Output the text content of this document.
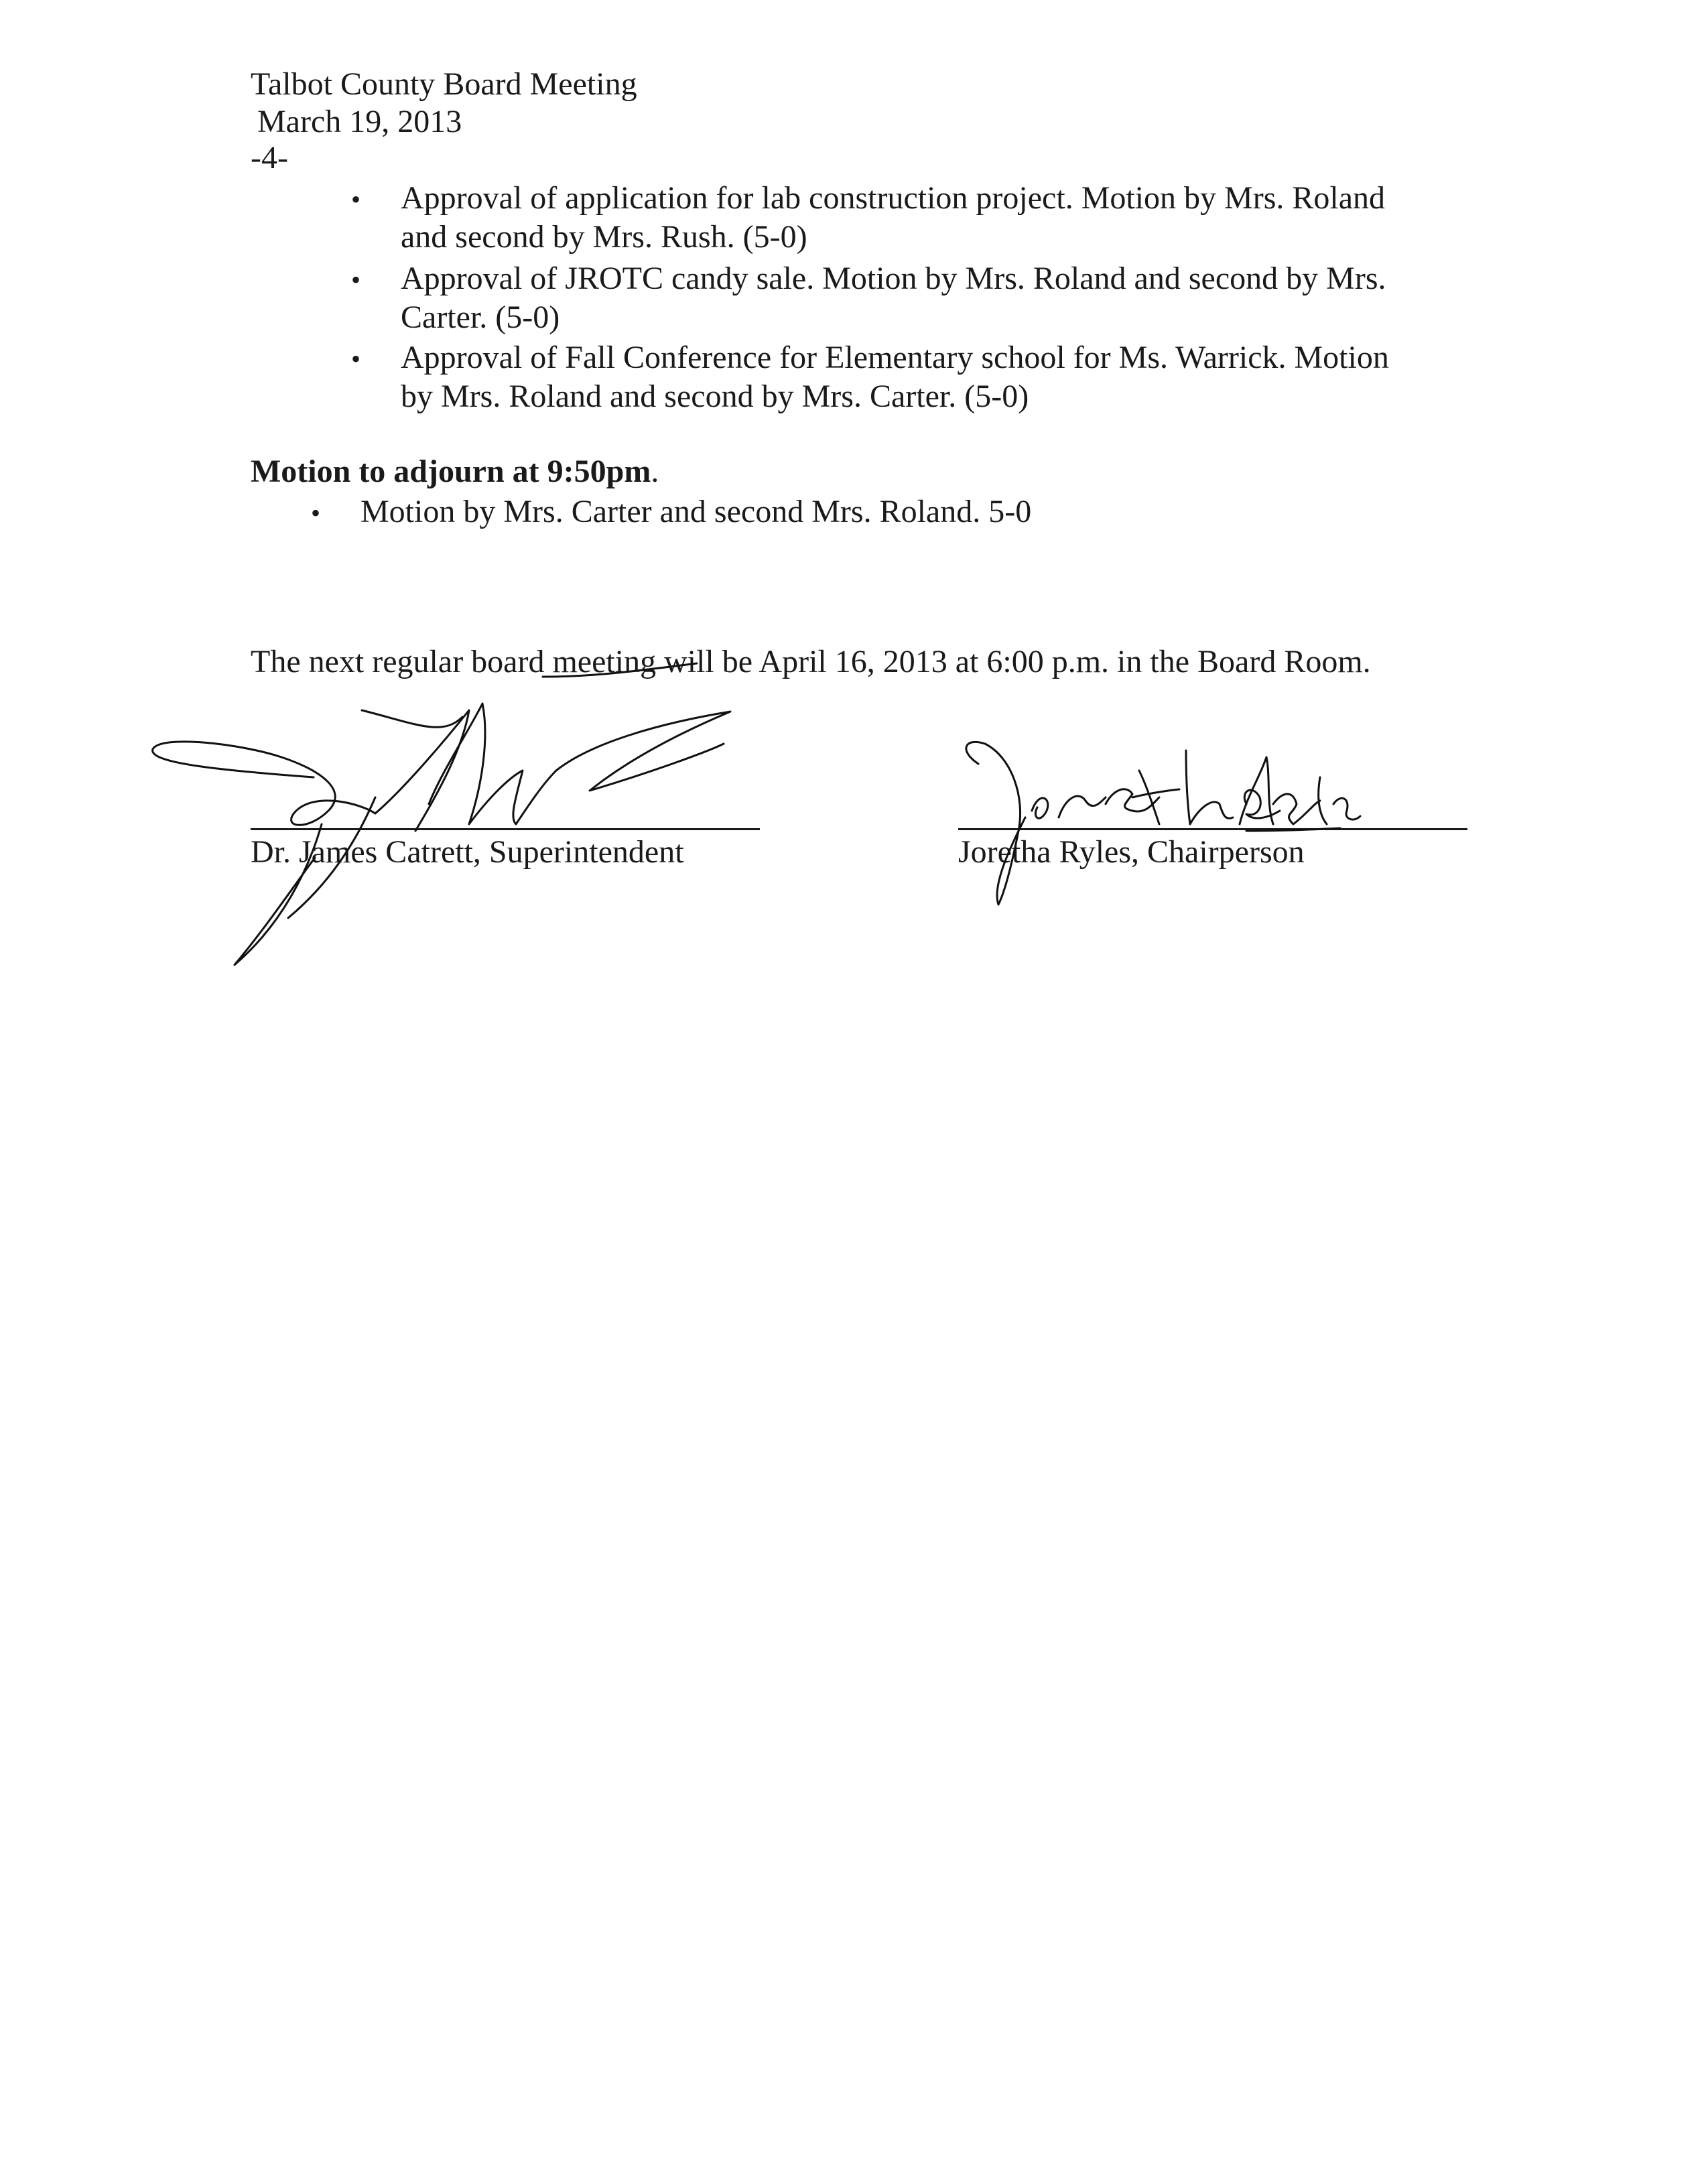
Talbot County Board Meeting
March 19, 2013
-4-
• Approval of application for lab construction project. Motion by Mrs. Roland
and second by Mrs. Rush. (5-0)
• Approval of JROTC candy sale. Motion by Mrs. Roland and second by Mrs.
Carter. (5-0)
• Approval of Fall Conference for Elementary school for Ms. Warrick. Motion
by Mrs. Roland and second by Mrs. Carter. (5-0)
Motion to adjourn at 9:50pm.
• Motion by Mrs. Carter and second Mrs. Roland. 5-0
The next regular board meeting will be April 16, 2013 at 6:00 p.m. in the Board Room.
Dr. James Catrett, Superintendent	Joretha Ryles, Chairperson
